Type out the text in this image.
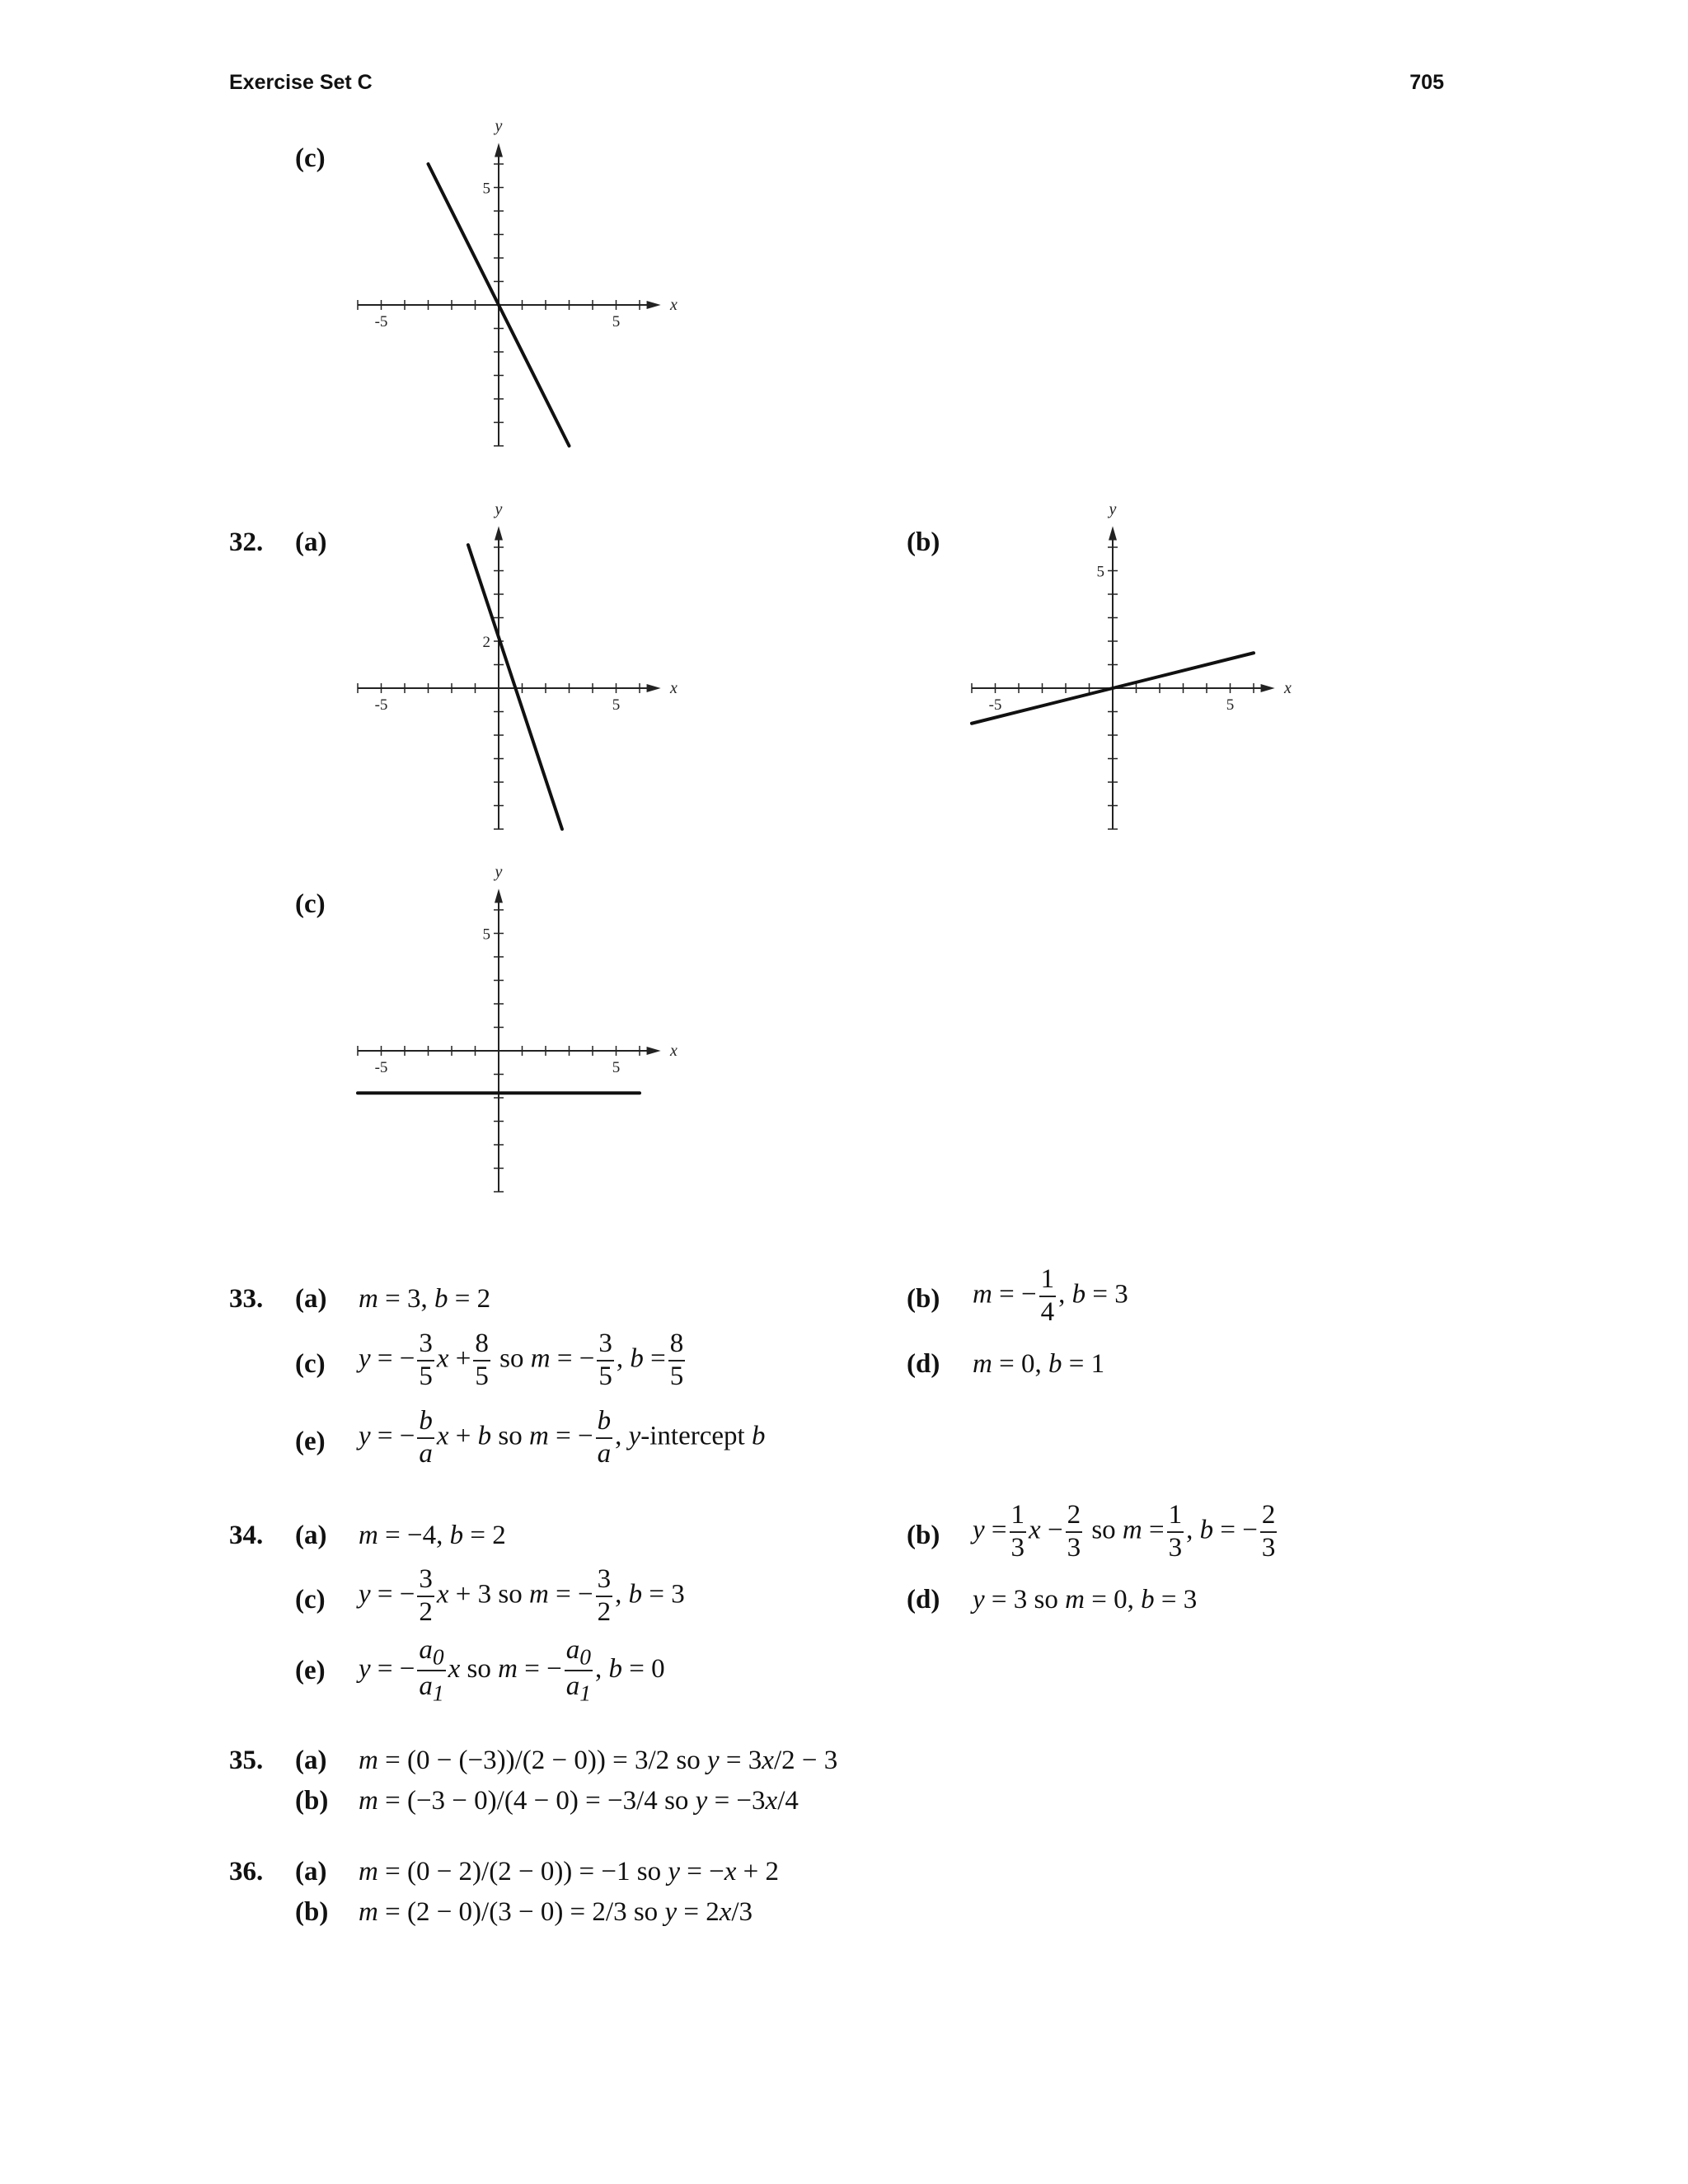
Exercise Set C	705
(c)
-5	5
5
x
y
32. (a)
-5	5
2
x
y
(b)
-5	5
5
x
y
(c)
-5	5
5
x
y
33. (a) m = 3, b = 2	(b) m = − $\frac{1}{4}$ , b = 3
(c) y = − $\frac{3}{5}$ $x + \frac{8}{5}$ so m = − $\frac{3}{5}$ , $b = \frac{8}{5}$	(d) m = 0, b = 1
(e) y = − $\frac{b}{a}$ x + b so m = − $\frac{b}{a}$ , y-intercept b
34. (a) m = −4, b = 2	(b) $y = \frac{1}{3}$ $x - \frac{2}{3}$ so $m = \frac{1}{3}$ , b = − $\frac{2}{3}$
(c) y = − $\frac{3}{2}$ x + 3 so m = − $\frac{3}{2}$ , b = 3	(d) y = 3 so m = 0, b = 3
(e) y = − $\frac{a_0}{a_1}$ x so m = − $\frac{a_0}{a_1}$ , b = 0
35. (a) m = (0 − (−3))/(2 − 0)) = 3/2 so y = 3x/2 − 3
(b) m = (−3 − 0)/(4 − 0) = −3/4 so y = −3x/4
36. (a) m = (0 − 2)/(2 − 0)) = −1 so y = −x + 2
(b) m = (2 − 0)/(3 − 0) = 2/3 so y = 2x/3
